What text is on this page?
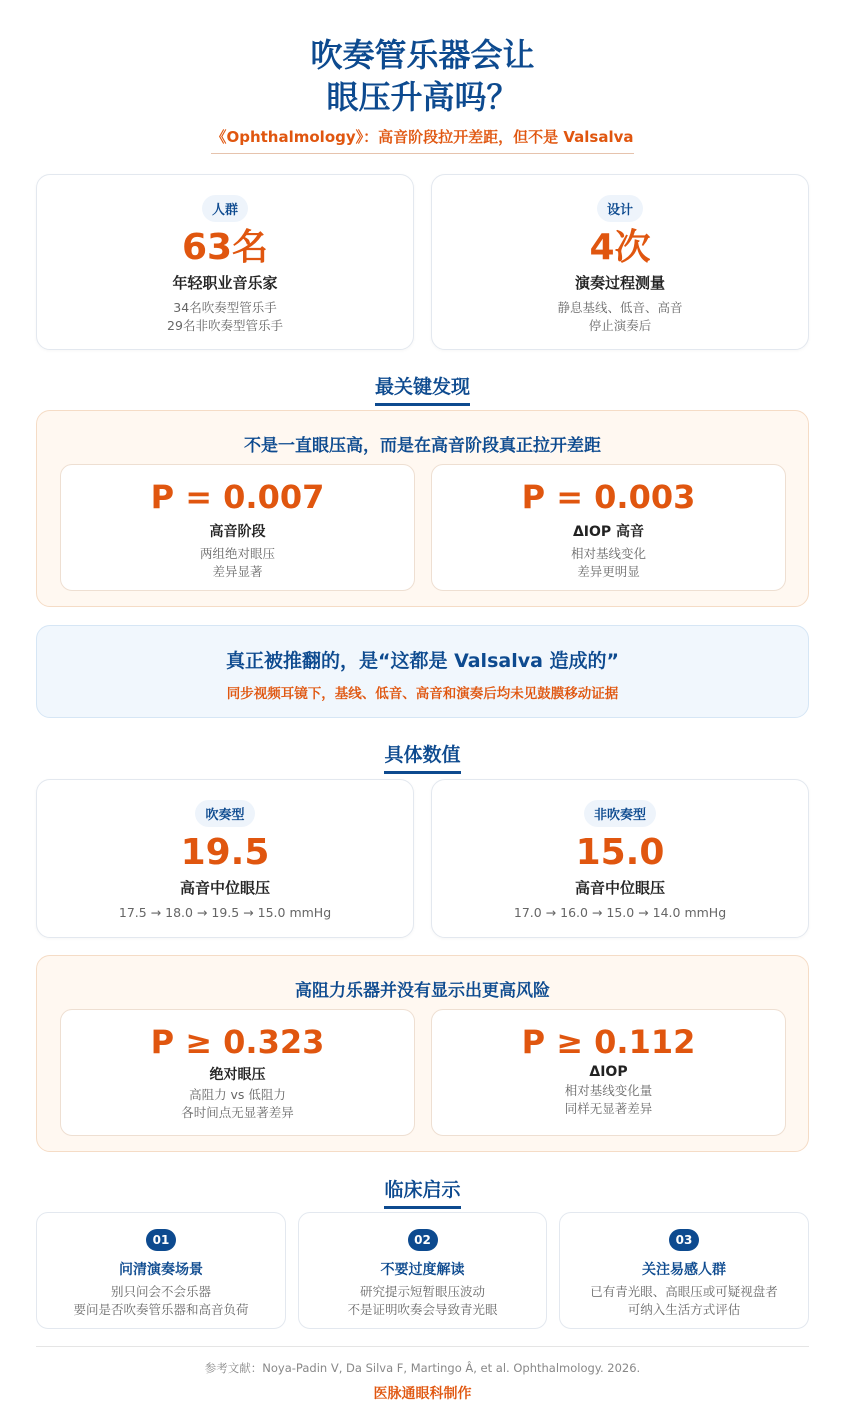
吹奏管乐器会让
眼压升高吗？
《Ophthalmology》：高音阶段拉开差距，但不是 Valsalva
人群
63名
年轻职业音乐家
34名吹奏型管乐手
29名非吹奏型管乐手
设计
4次
演奏过程测量
静息基线、低音、高音
停止演奏后
最关键发现
不是一直眼压高，而是在高音阶段真正拉开差距
P = 0.007
高音阶段
两组绝对眼压
差异显著
P = 0.003
ΔIOP 高音
相对基线变化
差异更明显
真正被推翻的，是“这都是 Valsalva 造成的”
同步视频耳镜下，基线、低音、高音和演奏后均未见鼓膜移动证据
具体数值
吹奏型
19.5
高音中位眼压
17.5 → 18.0 → 19.5 → 15.0 mmHg
非吹奏型
15.0
高音中位眼压
17.0 → 16.0 → 15.0 → 14.0 mmHg
高阻力乐器并没有显示出更高风险
P ≥ 0.323
绝对眼压
高阻力 vs 低阻力
各时间点无显著差异
P ≥ 0.112
ΔIOP
相对基线变化量
同样无显著差异
临床启示
01
问清演奏场景
别只问会不会乐器
要问是否吹奏管乐器和高音负荷
02
不要过度解读
研究提示短暂眼压波动
不是证明吹奏会导致青光眼
03
关注易感人群
已有青光眼、高眼压或可疑视盘者
可纳入生活方式评估
参考文献：Noya-Padin V, Da Silva F, Martingo Â, et al. Ophthalmology. 2026.
医脉通眼科制作
